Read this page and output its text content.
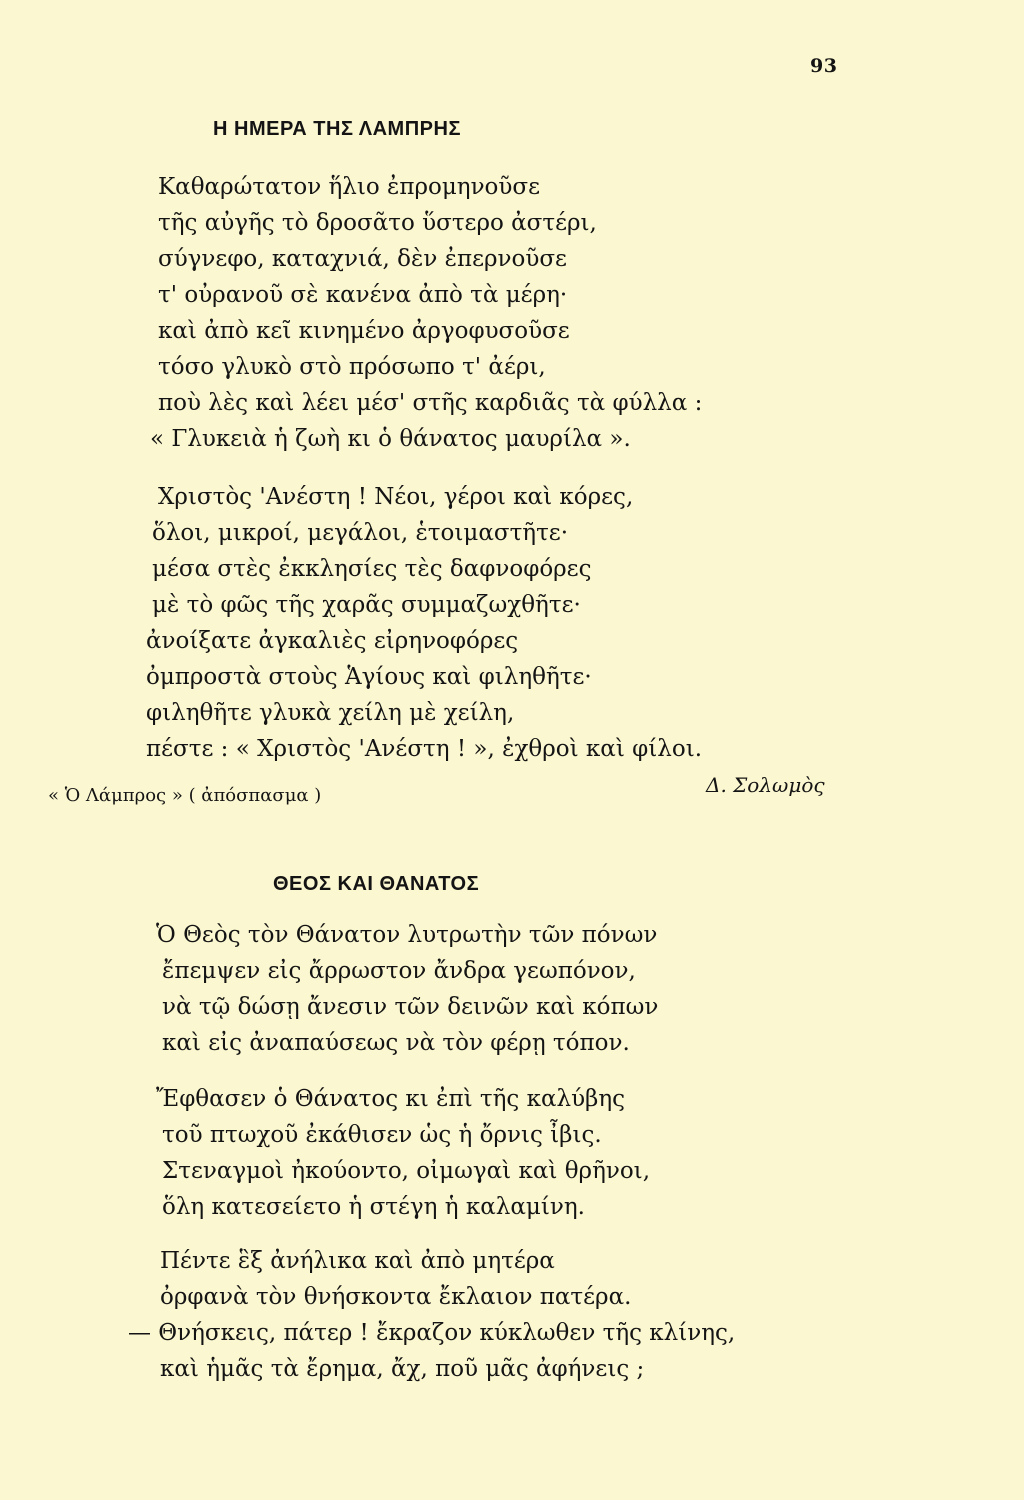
93
Η ΗΜΕΡΑ ΤΗΣ ΛΑΜΠΡΗΣ
Καθαρώτατον ἥλιο ἐπρομηνοῦσε
τῆς αὐγῆς τὸ δροσᾶτο ὕστερο ἀστέρι,
σύγνεφο, καταχνιά, δὲν ἐπερνοῦσε
τ' οὐρανοῦ σὲ κανένα ἀπὸ τὰ μέρη·
καὶ ἀπὸ κεῖ κινημένο ἀργοφυσοῦσε
τόσο γλυκὸ στὸ πρόσωπο τ' ἀέρι,
ποὺ λὲς καὶ λέει μέσ' στῆς καρδιᾶς τὰ φύλλα :
« Γλυκειὰ ἡ ζωὴ κι ὁ θάνατος μαυρίλα ».
Χριστὸς 'Ανέστη ! Νέοι, γέροι καὶ κόρες,
ὅλοι, μικροί, μεγάλοι, ἑτοιμαστῆτε·
μέσα στὲς ἐκκλησίες τὲς δαφνοφόρες
μὲ τὸ φῶς τῆς χαρᾶς συμμαζωχθῆτε·
ἀνοίξατε ἀγκαλιὲς εἰρηνοφόρες
ὀμπροστὰ στοὺς Ἁγίους καὶ φιληθῆτε·
φιληθῆτε γλυκὰ χείλη μὲ χείλη,
πέστε : « Χριστὸς 'Ανέστη ! », ἐχθροὶ καὶ φίλοι.
« Ὁ Λάμπρος » ( ἀπόσπασμα )	Δ. Σολωμὸς
ΘΕΟΣ ΚΑΙ ΘΑΝΑΤΟΣ
Ὁ Θεὸς τὸν Θάνατον λυτρωτὴν τῶν πόνων
ἔπεμψεν εἰς ἄρρωστον ἄνδρα γεωπόνον,
νὰ τῷ δώσῃ ἄνεσιν τῶν δεινῶν καὶ κόπων
καὶ εἰς ἀναπαύσεως νὰ τὸν φέρῃ τόπον.
Ἔφθασεν ὁ Θάνατος κι ἐπὶ τῆς καλύβης
τοῦ πτωχοῦ ἐκάθισεν ὡς ἡ ὄρνις ἶβις.
Στεναγμοὶ ἠκούοντο, οἰμωγαὶ καὶ θρῆνοι,
ὅλη κατεσείετο ἡ στέγη ἡ καλαμίνη.
Πέντε ἓξ ἀνήλικα καὶ ἀπὸ μητέρα
ὀρφανὰ τὸν θνήσκοντα ἔκλαιον πατέρα.
— Θνήσκεις, πάτερ ! ἔκραζον κύκλωθεν τῆς κλίνης,
καὶ ἡμᾶς τὰ ἔρημα, ἄχ, ποῦ μᾶς ἀφήνεις ;
